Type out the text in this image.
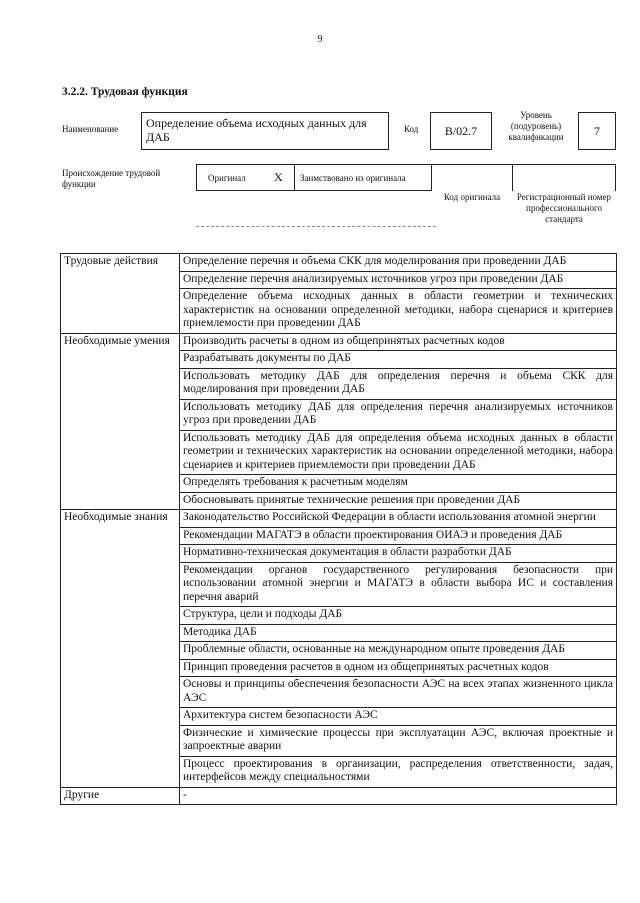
9
3.2.2. Трудовая функция
Наименование	Определение объема исходных данных для ДАБ
Код	B/02.7
Уровень (подуровень) квалификации	7
Происхождение трудовой функции
Оригинал X Заимствовано из оригинала
Код оригинала	Регистрационный номер профессионального стандарта
Трудовые действия	Определение перечня и объема СКК для моделирования при проведении ДАБ
	Определение перечня анализируемых источников угроз при проведении ДАБ
	Определение объема исходных данных в области геометрии и технических характеристик на основании определенной методики, набора сценарися и критериев приемлемости при проведении ДАБ
Необходимые умения	Производить расчеты в одном из общепринятых расчетных кодов
	Разрабатывать документы по ДАБ
	Использовать методику ДАБ для определения перечня и объема СКК для моделирования при проведении ДАБ
	Использовать методику ДАБ для определения перечня анализируемых источников угроз при проведении ДАБ
	Использовать методику ДАБ для определения объема исходных данных в области геометрии и технических характеристик на основании определенной методики, набора сценариев и критериев приемлемости при проведении ДАБ
	Определять требования к расчетным моделям
	Обосновывать принятые технические решения при проведении ДАБ
Необходимые знания	Законодательство Российской Федерации в области использования атомной энергии
	Рекомендации МАГАТЭ в области проектирования ОИАЭ и проведения ДАБ
	Нормативно-техническая документация в области разработки ДАБ
	Рекомендации органов государственного регулирования безопасности при использовании атомной энергии и МАГАТЭ в области выбора ИС и составления перечня аварий
	Структура, цели и подходы ДАБ
	Методика ДАБ
	Проблемные области, основанные на международном опыте проведения ДАБ
	Принцип проведения расчетов в одном из общепринятых расчетных кодов
	Основы и принципы обеспечения безопасности АЭС на всех этапах жизненного цикла АЭС
	Архитектура систем безопасности АЭС
	Физические и химические процессы при эксплуатации АЭС, включая проектные и запроектные аварии
	Процесс проектирования в организации, распределения ответственности, задач, интерфейсов между специальностями
Другие	-
